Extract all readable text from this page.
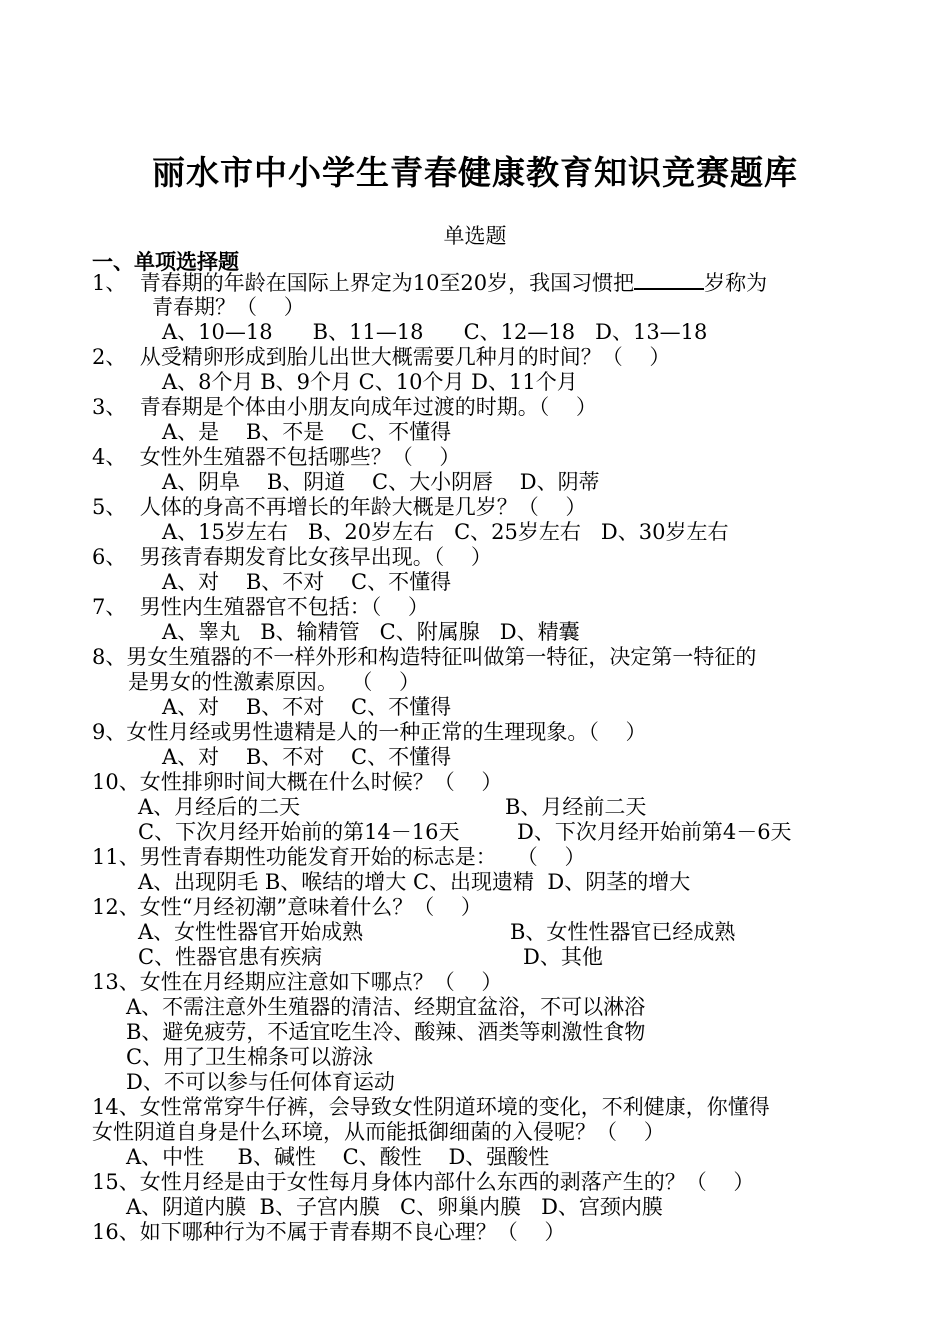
丽水市中小学生青春健康教育知识竞赛题库
单选题
一、单项选择题
1、  青春期的年龄在国际上界定为10至20岁，我国习惯把	岁称为
青春期？（    ）
A、10—18      B、11—18      C、12—18   D、13—18
2、  从受精卵形成到胎儿出世大概需要几种月的时间？（    ）
A、8个月 B、9个月 C、10个月 D、11个月
3、  青春期是个体由小朋友向成年过渡的时期。（    ）
A、是    B、不是    C、不懂得
4、  女性外生殖器不包括哪些？（    ）
A、阴阜    B、阴道    C、大小阴唇    D、阴蒂
5、  人体的身高不再增长的年龄大概是几岁？（    ）
A、15岁左右   B、20岁左右   C、25岁左右   D、30岁左右
6、  男孩青春期发育比女孩早出现。（    ）
A、对    B、不对    C、不懂得
7、  男性内生殖器官不包括：（    ）
A、睾丸   B、输精管   C、附属腺   D、精囊
8、男女生殖器的不一样外形和构造特征叫做第一特征，决定第一特征的
是男女的性激素原因。  （    ）
A、对    B、不对    C、不懂得
9、女性月经或男性遗精是人的一种正常的生理现象。（    ）
A、对    B、不对    C、不懂得
10、女性排卵时间大概在什么时候？（    ）
A、月经后的二天	B、月经前二天
C、下次月经开始前的第14－16天	D、下次月经开始前第4－6天
11、男性青春期性功能发育开始的标志是：   （    ）
A、出现阴毛 B、喉结的增大 C、出现遗精  D、阴茎的增大
12、女性“月经初潮”意味着什么？（    ）
A、女性性器官开始成熟	B、女性性器官已经成熟
C、性器官患有疾病	D、其他
13、女性在月经期应注意如下哪点？（    ）
A、不需注意外生殖器的清洁、经期宜盆浴，不可以淋浴
B、避免疲劳，不适宜吃生冷、酸辣、酒类等刺激性食物
C、用了卫生棉条可以游泳
D、不可以参与任何体育运动
14、女性常常穿牛仔裤，会导致女性阴道环境的变化，不利健康，你懂得
女性阴道自身是什么环境，从而能抵御细菌的入侵呢？（    ）
A、中性     B、碱性    C、酸性    D、强酸性
15、女性月经是由于女性每月身体内部什么东西的剥落产生的？（    ）
A、阴道内膜  B、子宫内膜   C、卵巢内膜   D、宫颈内膜
16、如下哪种行为不属于青春期不良心理？（    ）
